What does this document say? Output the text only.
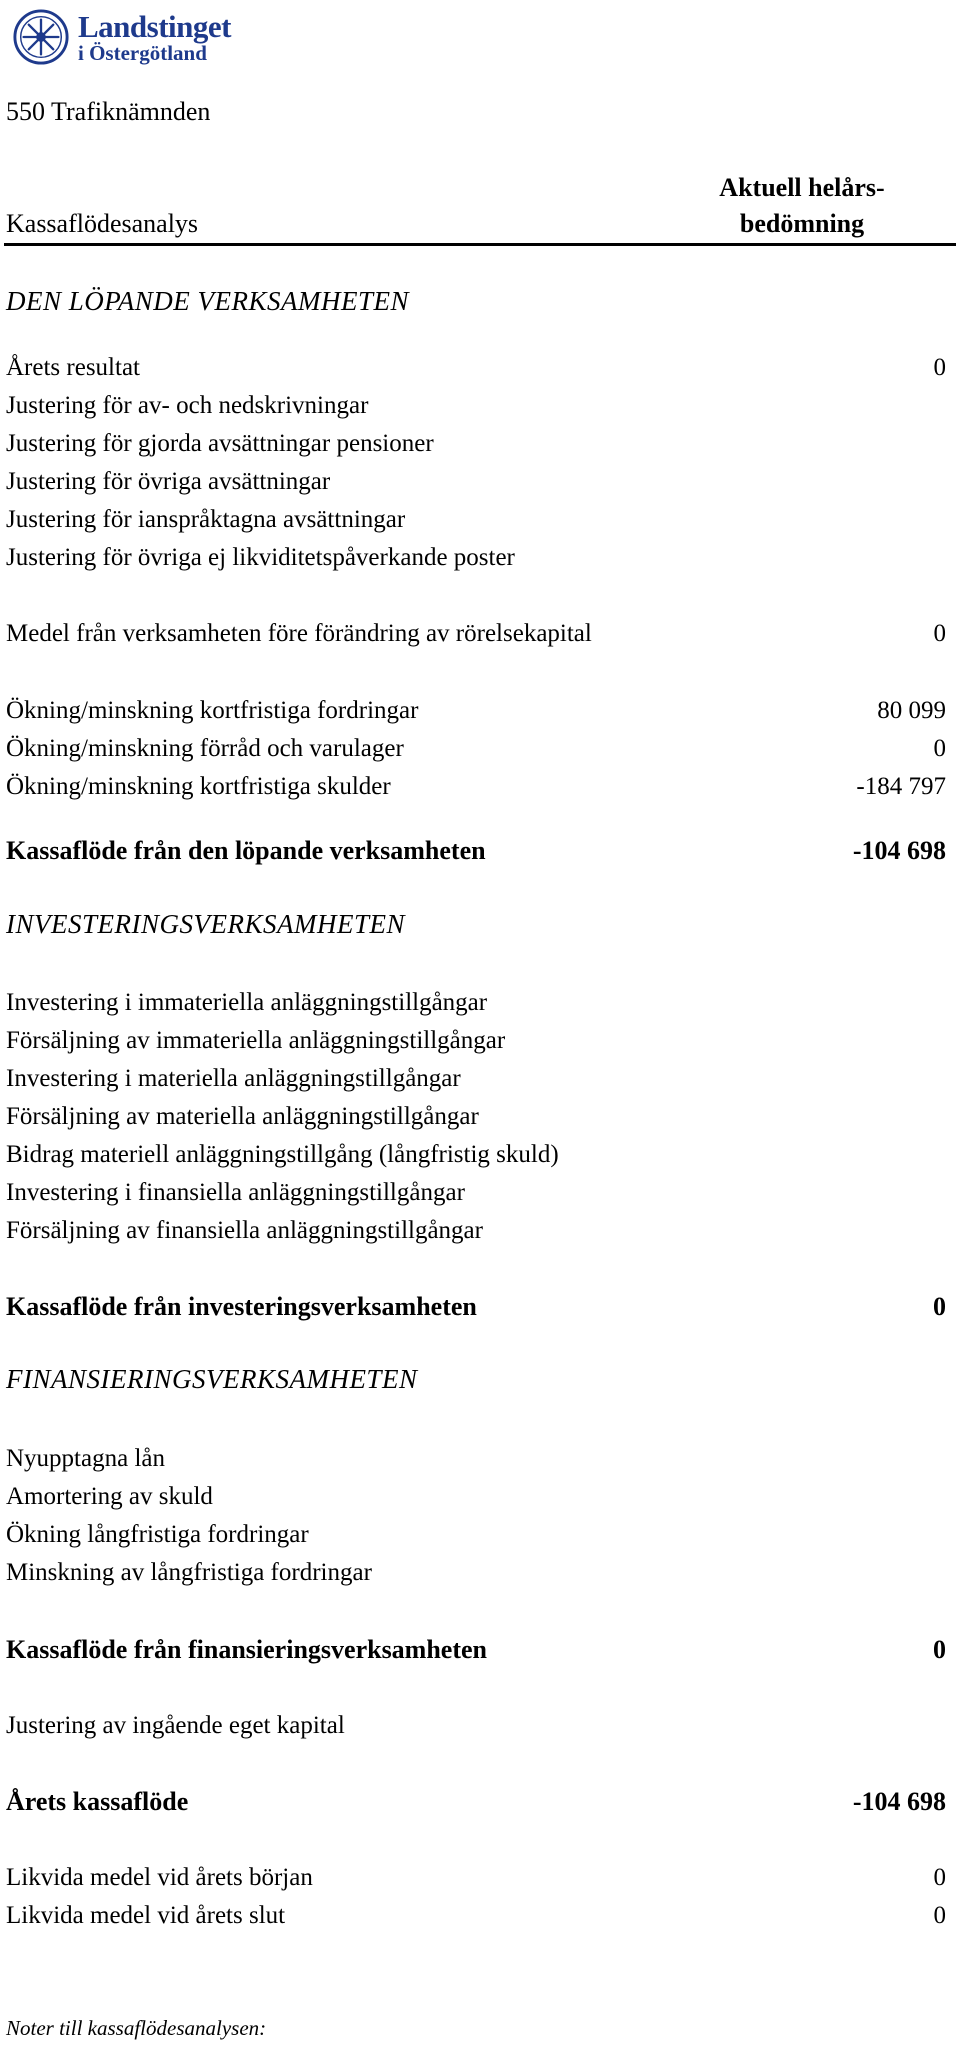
Landstinget
i Östergötland
550 Trafiknämnden
Aktuell helårs-
bedömning
Kassaflödesanalys
DEN LÖPANDE VERKSAMHETEN
Årets resultat	0
Justering för av- och nedskrivningar
Justering för gjorda avsättningar pensioner
Justering för övriga avsättningar
Justering för ianspråktagna avsättningar
Justering för övriga ej likviditetspåverkande poster
Medel från verksamheten före förändring av rörelsekapital	0
Ökning/minskning kortfristiga fordringar	80 099
Ökning/minskning förråd och varulager	0
Ökning/minskning kortfristiga skulder	-184 797
Kassaflöde från den löpande verksamheten	-104 698
INVESTERINGSVERKSAMHETEN
Investering i immateriella anläggningstillgångar
Försäljning av immateriella anläggningstillgångar
Investering i materiella anläggningstillgångar
Försäljning av materiella anläggningstillgångar
Bidrag materiell anläggningstillgång (långfristig skuld)
Investering i finansiella anläggningstillgångar
Försäljning av finansiella anläggningstillgångar
Kassaflöde från investeringsverksamheten	0
FINANSIERINGSVERKSAMHETEN
Nyupptagna lån
Amortering av skuld
Ökning långfristiga fordringar
Minskning av långfristiga fordringar
Kassaflöde från finansieringsverksamheten	0
Justering av ingående eget kapital
Årets kassaflöde	-104 698
Likvida medel vid årets början	0
Likvida medel vid årets slut	0
Noter till kassaflödesanalysen:
